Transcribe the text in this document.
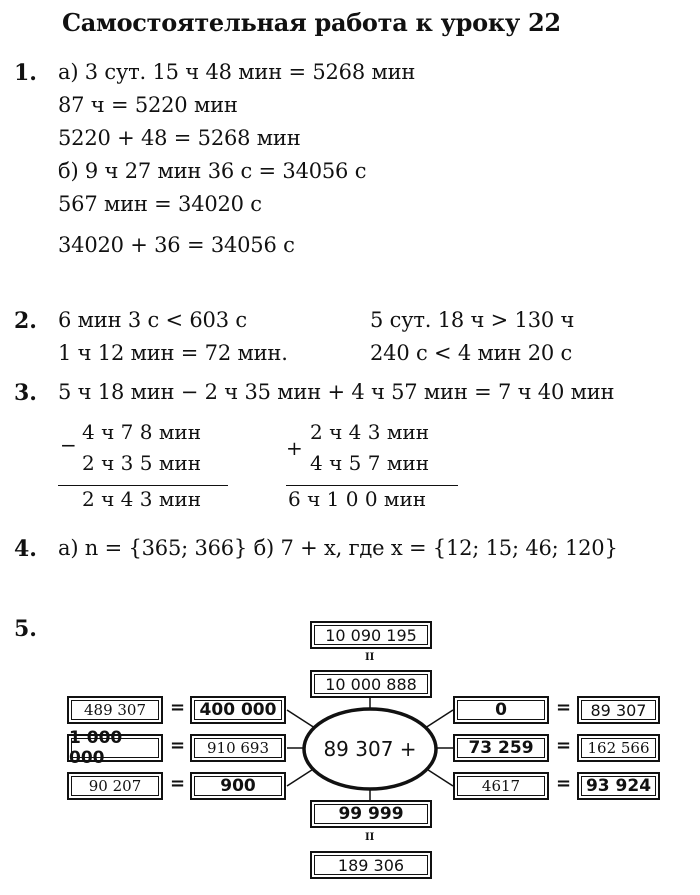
Самостоятельная работа к уроку 22
1. а) 3 сут. 15 ч 48 мин = 5268 мин
87 ч = 5220 мин
5220 + 48 = 5268 мин
б) 9 ч 27 мин 36 с = 34056 с
567 мин = 34020 с
34020 + 36 = 34056 с
2. 6 мин 3 с < 603 с
1 ч 12 мин = 72 мин.
5 сут. 18 ч > 130 ч
240 с < 4 мин 20 с
3. 5 ч 18 мин − 2 ч 35 мин + 4 ч 57 мин = 7 ч 40 мин
−
4 ч 7 8 мин
2 ч 3 5 мин
2 ч 4 3 мин
+
2 ч 4 3 мин
4 ч 5 7 мин
6 ч 1 0 0 мин
4. а) n = {365; 366} б) 7 + x, где x = {12; 15; 46; 120}
5.
89 307 +
10 090 195
II
10 000 888
99 999
II
189 306
489 307 = 400 000
1 000 000
= 910 693
90 207 = 900
0	= 89 307
73 259 = 162 566
4617 = 93 924
